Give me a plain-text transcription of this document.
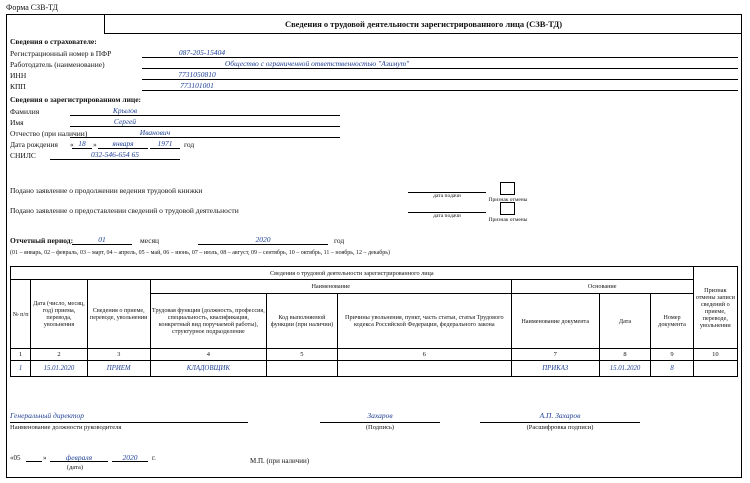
Форма СЗВ-ТД
Сведения о трудовой деятельности зарегистрированного лица (СЗВ-ТД)
Сведения о страхователе:
Регистрационный номер в ПФР	087-205-15404
Работодатель (наименование)	Общество с ограниченной ответственностью "Азимут"
ИНН	7731050810
КПП	773101001
Сведения о зарегистрированном лице:
Фамилия	Крылов
Имя	Сергей
Отчество (при наличии)	Иванович
Дата рождения « 18 »	января	1971	год
СНИЛС	032-546-654 65
Подано заявление о продолжении ведения трудовой книжки
дата подачи
Признак отмены
Подано заявление о предоставлении сведений о трудовой деятельности
дата подачи
Признак отмены
Отчетный период:	01	месяц	2020	год
(01 – январь, 02 – февраль, 03 – март, 04 – апрель, 05 – май, 06 – июнь, 07 – июль, 08 – август, 09 – сентябрь, 10 – октябрь, 11 – ноябрь, 12 – декабрь)
Сведения о трудовой деятельности зарегистрированного лица									Признак отмены записи сведений о приеме, переводе, увольнении
№ п/п	Дата (число, месяц, год) приема, перевода, увольнения	Сведения о приеме, переводе, увольнении	Наименование			Основание			
			Трудовая функция (должность, профессия, специальность, квалификация, конкретный вид поручаемой работы), структурное подразделение	Код выполняемой функции (при наличии)	Причины увольнения, пункт, часть статьи, статья Трудового кодекса Российской Федерации, федерального закона	Наименование документа	Дата	Номер документа	
1	2	3	4	5	6	7	8	9	10
1	15.01.2020	ПРИЕМ	КЛАДОВЩИК			ПРИКАЗ	15.01.2020	8	
Генеральный директор
Наименование должности руководителя
Захаров
(Подпись)
А.П. Захаров
(Расшифровка подписи)
«05	»	февраля	2020	г.
(дата)
М.П. (при наличии)
